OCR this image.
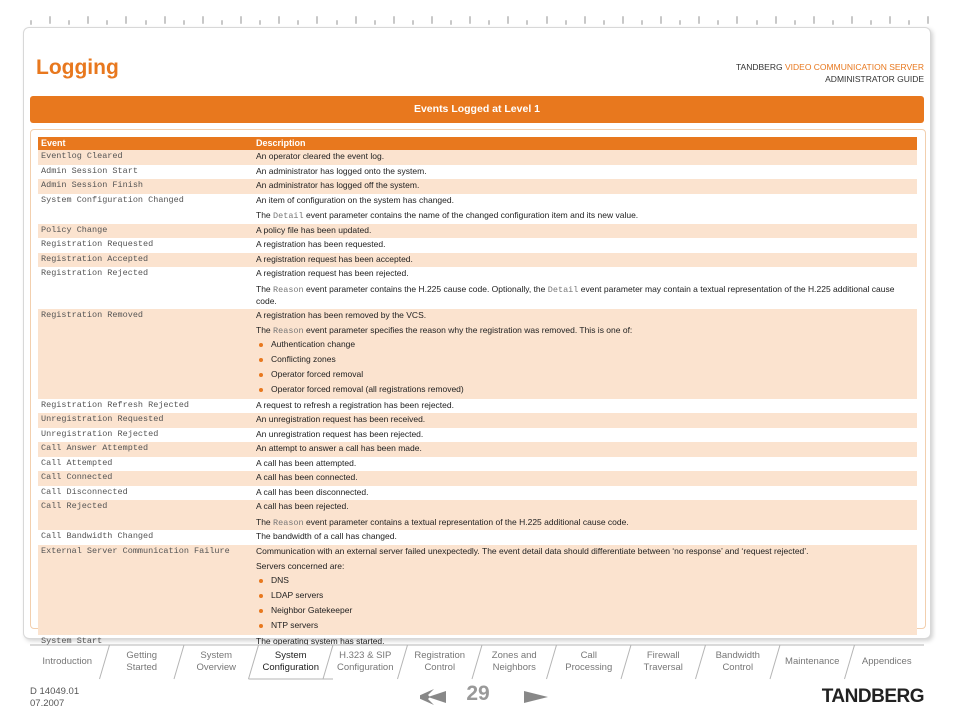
Logging	TANDBERG VIDEO COMMUNICATION SERVER
ADMINISTRATOR GUIDE
Events Logged at Level 1
Event	Description
Eventlog Cleared	An operator cleared the event log.
Admin Session Start	An administrator has logged onto the system.
Admin Session Finish	An administrator has logged off the system.
System Configuration Changed	An item of configuration on the system has changed.
The Detail event parameter contains the name of the changed configuration item and its new value.
Policy Change	A policy file has been updated.
Registration Requested	A registration has been requested.
Registration Accepted	A registration request has been accepted.
Registration Rejected	A registration request has been rejected.
The Reason event parameter contains the H.225 cause code. Optionally, the Detail event parameter may contain a textual representation of the H.225 additional cause code.
Registration Removed	A registration has been removed by the VCS.
The Reason event parameter specifies the reason why the registration was removed. This is one of:
Authentication change
Conflicting zones
Operator forced removal
Operator forced removal (all registrations removed)
Registration Refresh Rejected	A request to refresh a registration has been rejected.
Unregistration Requested	An unregistration request has been received.
Unregistration Rejected	An unregistration request has been rejected.
Call Answer Attempted	An attempt to answer a call has been made.
Call Attempted	A call has been attempted.
Call Connected	A call has been connected.
Call Disconnected	A call has been disconnected.
Call Rejected	A call has been rejected.
The Reason event parameter contains a textual representation of the H.225 additional cause code.
Call Bandwidth Changed	The bandwidth of a call has changed.
External Server Communication Failure	Communication with an external server failed unexpectedly. The event detail data should differentiate between ‘no response’ and ‘request rejected’.
Servers concerned are:
DNS
LDAP servers
Neighbor Gatekeeper
NTP servers
System Start	The operating system has started.
Introduction
Getting Started
System Overview
System Configuration
H.323 & SIP Configuration
Registration Control
Zones and Neighbors
Call Processing
Firewall Traversal
Bandwidth Control
Maintenance	Appendices
D 14049.01
07.2007	29	TANDBERG
